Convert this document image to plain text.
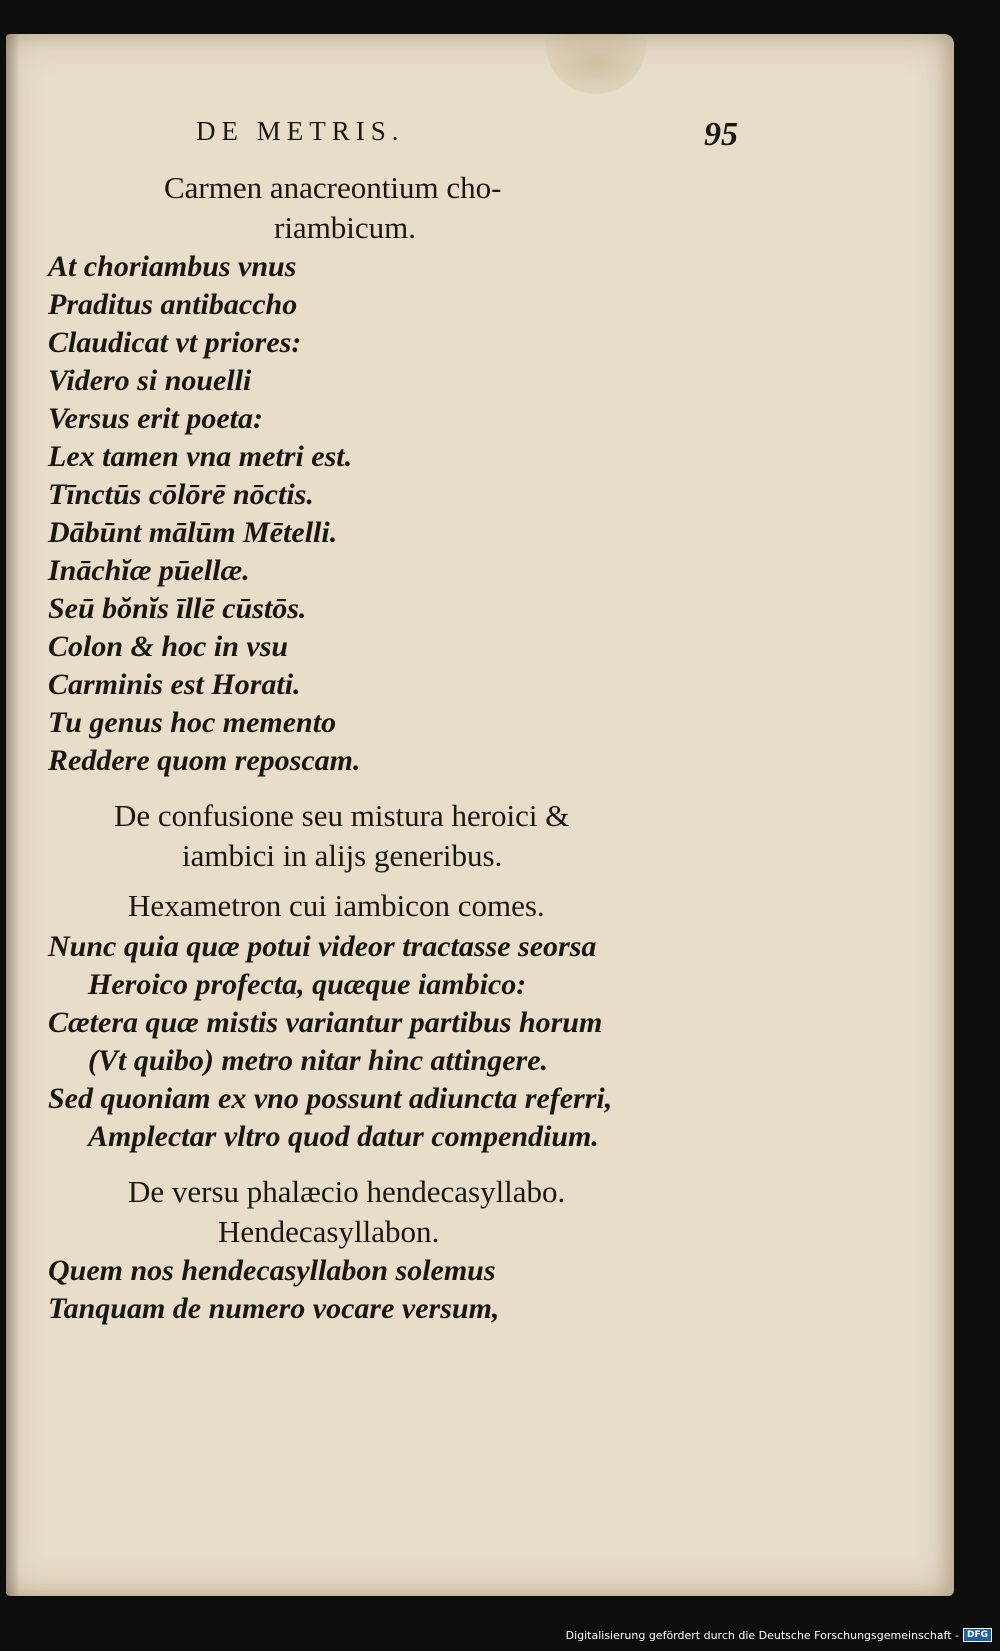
DE METRIS.	95
Carmen anacreontium cho-
riambicum.
At choriambus vnus
Praditus antibaccho
Claudicat vt priores:
Videro si nouelli
Versus erit poeta:
Lex tamen vna metri est.
Tīnctūs cōlōrē nōctis.
Dābūnt mālūm Mētelli.
Ināchĭæ pūellæ.
Seū bŏnĭs īllē cūstōs.
Colon & hoc in vsu
Carminis est Horati.
Tu genus hoc memento
Reddere quom reposcam.
De confusione seu mistura heroici &
iambici in alijs generibus.
Hexametron cui iambicon comes.
Nunc quia quæ potui videor tractasse seorsa
Heroico profecta, quæque iambico:
Cætera quæ mistis variantur partibus horum
(Vt quibo) metro nitar hinc attingere.
Sed quoniam ex vno possunt adiuncta referri,
Amplectar vltro quod datur compendium.
De versu phalæcio hendecasyllabo.
Hendecasyllabon.
Quem nos hendecasyllabon solemus
Tanquam de numero vocare versum,
Digitalisierung gefördert durch die Deutsche Forschungsgemeinschaft - DFG
